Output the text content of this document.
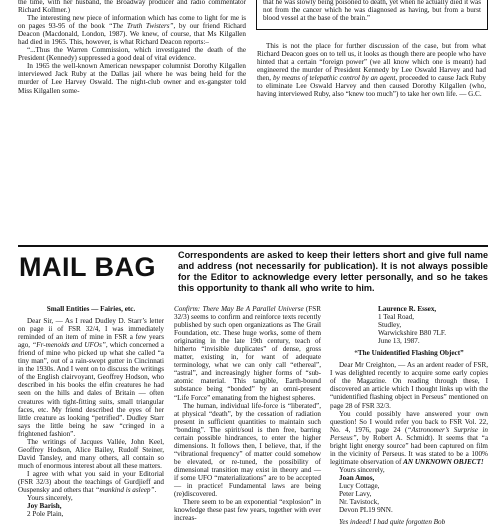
the time, with her husband, the Broadway producer and radio commentator Richard Kollmer.)

The interesting new piece of information which has come to light for me is on pages 93-95 of the book “The Truth Twisters”, by our friend Richard Deacon (Macdonald, London, 1987). We knew, of course, that Ms Kilgallen had died in 1965. This, however, is what Richard Deacon reports:–

“...Thus the Warren Commission, which investigated the death of the President (Kennedy) suppressed a good deal of vital evidence.

In 1965 the well-known American newspaper columnist Dorothy Kilgallen interviewed Jack Ruby at the Dallas jail where he was being held for the murder of Lee Harvey Oswald. The night-club owner and ex-gangster told Miss Kilgallen some-

that he was slowly being poisoned to death, yet when he actually died it was not from the cancer which he was diagnosed as having, but from a burst blood vessel at the base of the brain.”

This is not the place for further discussion of the case, but from what Richard Deacon goes on to tell us, it looks as though there are people who have hinted that a certain “foreign power” (we all know which one is meant) had engineered the murder of President Kennedy by Lee Oswald Harvey and had then, by means of telepathic control by an agent, proceeded to cause Jack Ruby to eliminate Lee Oswald Harvey and then caused Dorothy Kilgallen (who, having interviewed Ruby, also “knew too much”) to take her own life. — G.C.

MAIL BAG Correspondents are asked to keep their letters short and give full name and address (not necessarily for publication). It is not always possible for the Editor to acknowledge every letter personally, and so he takes this opportunity to thank all who write to him.

Small Entities — Fairies, etc.

Dear Sir, — As I read Dudley D. Starr’s letter on page ii of FSR 32/4, I was immediately reminded of an item of mine in FSR a few years ago, “Fr-menoids and UFOs”, which concerned a friend of mine who picked up what she called “a tiny man”, out of a rain-swept gutter in Cincinnati in the 1930s. And I went on to discuss the writings of the English clairvoyant, Geoffrey Hodson, who described in his books the elfin creatures he had seen on the hills and dales of Britain — often creatures with tight-fitting suits, small triangular faces, etc. My friend described the eyes of her little creature as looking “petrified”. Dudley Starr says the little being he saw “cringed in a frightened fashion”.

The writings of Jacques Vallée, John Keel, Geoffrey Hodson, Alice Bailey, Rudolf Steiner, David Tansley, and many others, all contain so much of enormous interest about all these matters.

I agree with what you said in your Editorial (FSR 32/3) about the teachings of Gurdjieff and Ouspensky and others that “mankind is asleep”.

Yours sincerely,

Joy Barish,

2 Pole Plain,

Confirm: There May Be A Parallel Universe (FSR 32/3) seems to confirm and reinforce texts recently published by such open organizations as The Grail Foundation, etc. These huge works, some of them originating in the late 19th century, teach of hitherto “invisible duplicates” of dense, gross matter, existing in, for want of adequate terminology, what we can only call “ethereal”, “astral”, and increasingly higher forms of “sub-atomic material. This tangible, Earth-bound substance being “bonded” by an omni-present “Life Force” emanating from the highest spheres.

The human, individual life-force is “liberated”, at physical “death”, by the cessation of radiation present in sufficient quantities to maintain such “bonding”. The spirit/soul is then free, barring certain possible hindrances, to enter the higher dimensions. It follows then, I believe, that, if the “vibrational frequency” of matter could somehow be elevated, or re-tuned, the possibility of dimensional transition may exist in theory and — if some UFO “materializations” are to be accepted — in practice! Fundamental laws are being (re)discovered.

There seem to be an exponential “explosion” in knowledge these past few years, together with ever increas-

Laurence R. Essex,

1 Teal Road,

Studley,

Warwickshire B80 7LF.

June 13, 1987.

“The Unidentified Flashing Object”

Dear Mr Creighton, — As an ardent reader of FSR, I was delighted recently to acquire some early copies of the Magazine. On reading through these, I discovered an article which I thought links up with the “unidentified flashing object in Perseus” mentioned on page 28 of FSR 32/3.

You could possibly have answered your own question! So I would refer you back to FSR Vol. 22, No. 4, 1976, page 24 (“Astronomer’s Surprise in Perseus”, by Robert A. Schmidt). It seems that “a bright light energy source” had been captured on film in the vicinity of Perseus. It was stated to be a 100% legitimate observation of AN UNKNOWN OBJECT!

Yours sincerely,

Joan Amos,

Lucy Cottage,

Peter Lavy,

Nr. Tavistock,

Devon PL19 9NN.

Yes indeed! I had quite forgotten Bob
